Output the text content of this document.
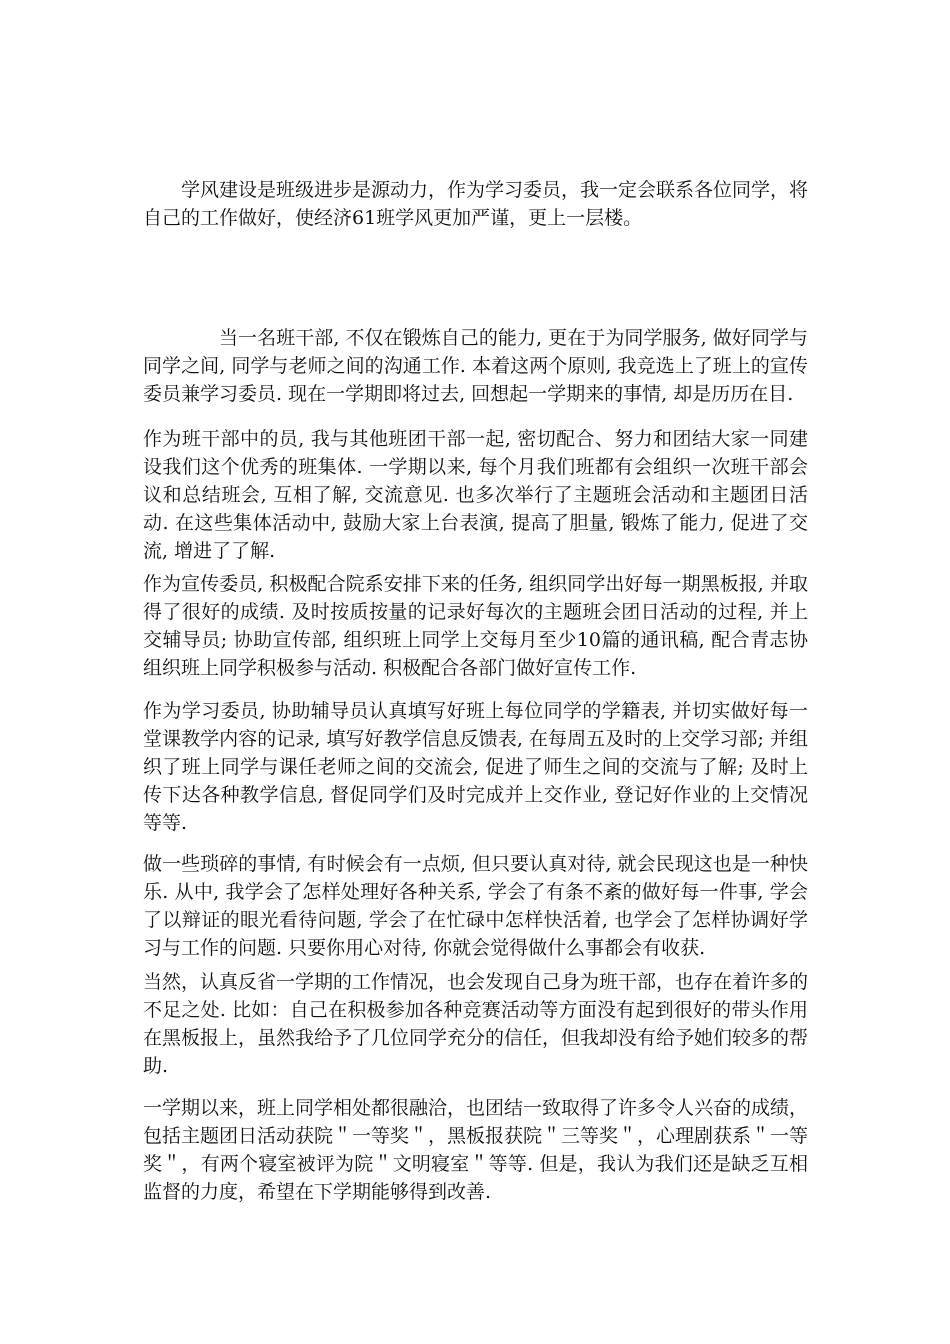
学风建设是班级进步是源动力，作为学习委员，我一定会联系各位同学，将自己的工作做好，使经济61班学风更加严谨，更上一层楼。

当一名班干部, 不仅在锻炼自己的能力, 更在于为同学服务, 做好同学与同学之间, 同学与老师之间的沟通工作. 本着这两个原则, 我竞选上了班上的宣传委员兼学习委员. 现在一学期即将过去, 回想起一学期来的事情, 却是历历在目.

作为班干部中的员, 我与其他班团干部一起, 密切配合、努力和团结大家一同建设我们这个优秀的班集体. 一学期以来, 每个月我们班都有会组织一次班干部会议和总结班会, 互相了解, 交流意见. 也多次举行了主题班会活动和主题团日活动. 在这些集体活动中, 鼓励大家上台表演, 提高了胆量, 锻炼了能力, 促进了交流, 增进了了解.

作为宣传委员, 积极配合院系安排下来的任务, 组织同学出好每一期黑板报, 并取得了很好的成绩. 及时按质按量的记录好每次的主题班会团日活动的过程, 并上交辅导员; 协助宣传部, 组织班上同学上交每月至少10篇的通讯稿, 配合青志协组织班上同学积极参与活动. 积极配合各部门做好宣传工作.

作为学习委员, 协助辅导员认真填写好班上每位同学的学籍表, 并切实做好每一堂课教学内容的记录, 填写好教学信息反馈表, 在每周五及时的上交学习部; 并组织了班上同学与课任老师之间的交流会, 促进了师生之间的交流与了解; 及时上传下达各种教学信息, 督促同学们及时完成并上交作业, 登记好作业的上交情况等等.

做一些琐碎的事情, 有时候会有一点烦, 但只要认真对待, 就会民现这也是一种快乐. 从中, 我学会了怎样处理好各种关系, 学会了有条不紊的做好每一件事, 学会了以辩证的眼光看待问题, 学会了在忙碌中怎样快活着, 也学会了怎样协调好学习与工作的问题. 只要你用心对待, 你就会觉得做什么事都会有收获.

当然，认真反省一学期的工作情况，也会发现自己身为班干部，也存在着许多的不足之处. 比如：自己在积极参加各种竞赛活动等方面没有起到很好的带头作用在黑板报上，虽然我给予了几位同学充分的信任，但我却没有给予她们较多的帮助.

一学期以来，班上同学相处都很融洽，也团结一致取得了许多令人兴奋的成绩，包括主题团日活动获院＂一等奖＂，黑板报获院＂三等奖＂，心理剧获系＂一等奖＂，有两个寝室被评为院＂文明寝室＂等等. 但是，我认为我们还是缺乏互相监督的力度，希望在下学期能够得到改善.
